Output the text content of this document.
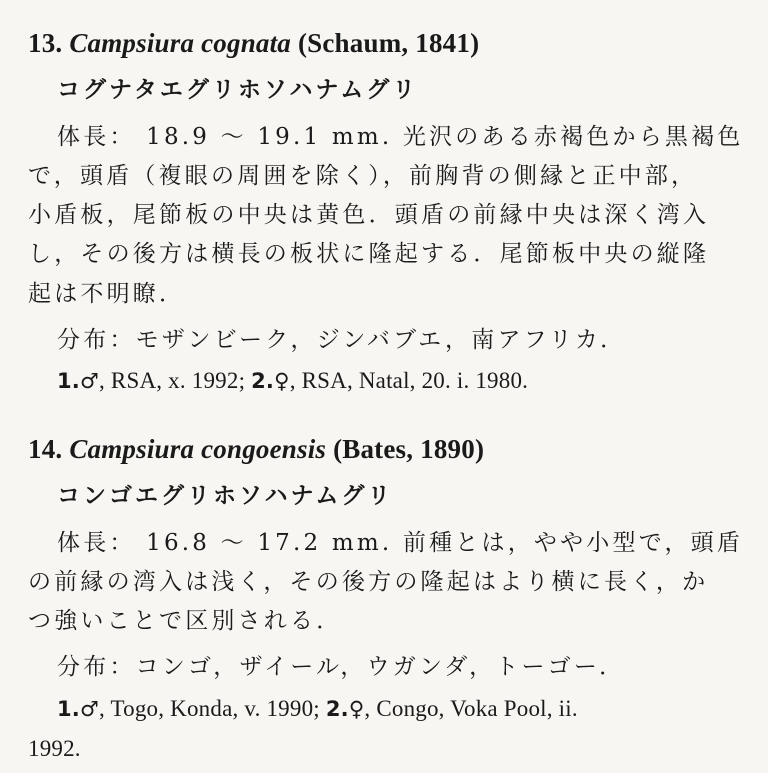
13. Campsiura cognata (Schaum, 1841)
コグナタエグリホソハナムグリ
体長： 18.9 ～ 19.1 mm. 光沢のある赤褐色から黒褐色
で，頭盾（複眼の周囲を除く），前胸背の側縁と正中部，
小盾板，尾節板の中央は黄色．頭盾の前縁中央は深く湾入
し，その後方は横長の板状に隆起する．尾節板中央の縦隆
起は不明瞭．
分布：モザンビーク，ジンバブエ，南アフリカ．
1.♂, RSA, x. 1992; 2.♀, RSA, Natal, 20. i. 1980.
14. Campsiura congoensis (Bates, 1890)
コンゴエグリホソハナムグリ
体長： 16.8 ～ 17.2 mm. 前種とは，やや小型で，頭盾
の前縁の湾入は浅く，その後方の隆起はより横に長く，か
つ強いことで区別される．
分布：コンゴ，ザイール，ウガンダ，トーゴー．
1.♂, Togo, Konda, v. 1990; 2.♀, Congo, Voka Pool, ii.
1992.
